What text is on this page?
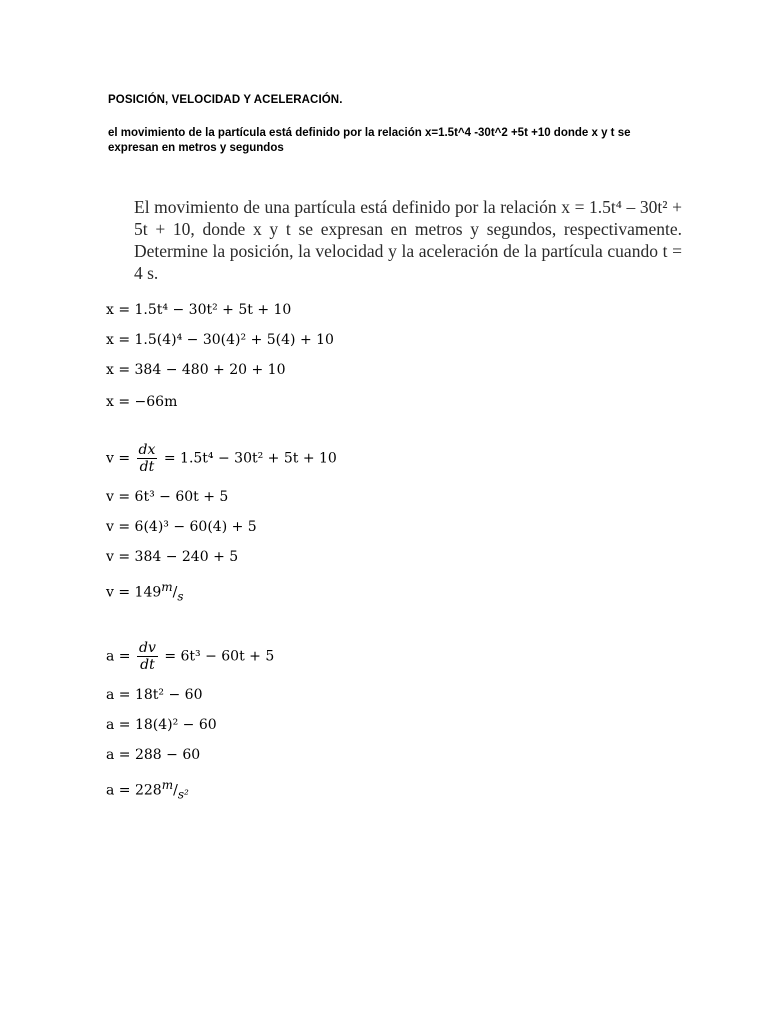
POSICIÓN, VELOCIDAD Y ACELERACIÓN.
el movimiento de la partícula está definido por la relación x=1.5t^4 -30t^2 +5t +10 donde x y t se expresan en metros y segundos
El movimiento de una partícula está definido por la relación x = 1.5t⁴ – 30t² + 5t + 10, donde x y t se expresan en metros y segundos, respectivamente. Determine la posición, la velocidad y la aceleración de la partícula cuando t = 4 s.
x = 1.5t⁴ − 30t² + 5t + 10
x = 1.5(4)⁴ − 30(4)² + 5(4) + 10
x = 384 − 480 + 20 + 10
x = −66m
$v = \frac{dx}{dt} = 1.5t^4 - 30t^2 + 5t + 10$
v = 6t³ − 60t + 5
v = 6(4)³ − 60(4) + 5
v = 384 − 240 + 5
$v = 149^m/_s$
$a = \frac{dv}{dt} = 6t^3 - 60t + 5$
a = 18t² − 60
a = 18(4)² − 60
a = 288 − 60
$a = 228^m/_{s^2}$
